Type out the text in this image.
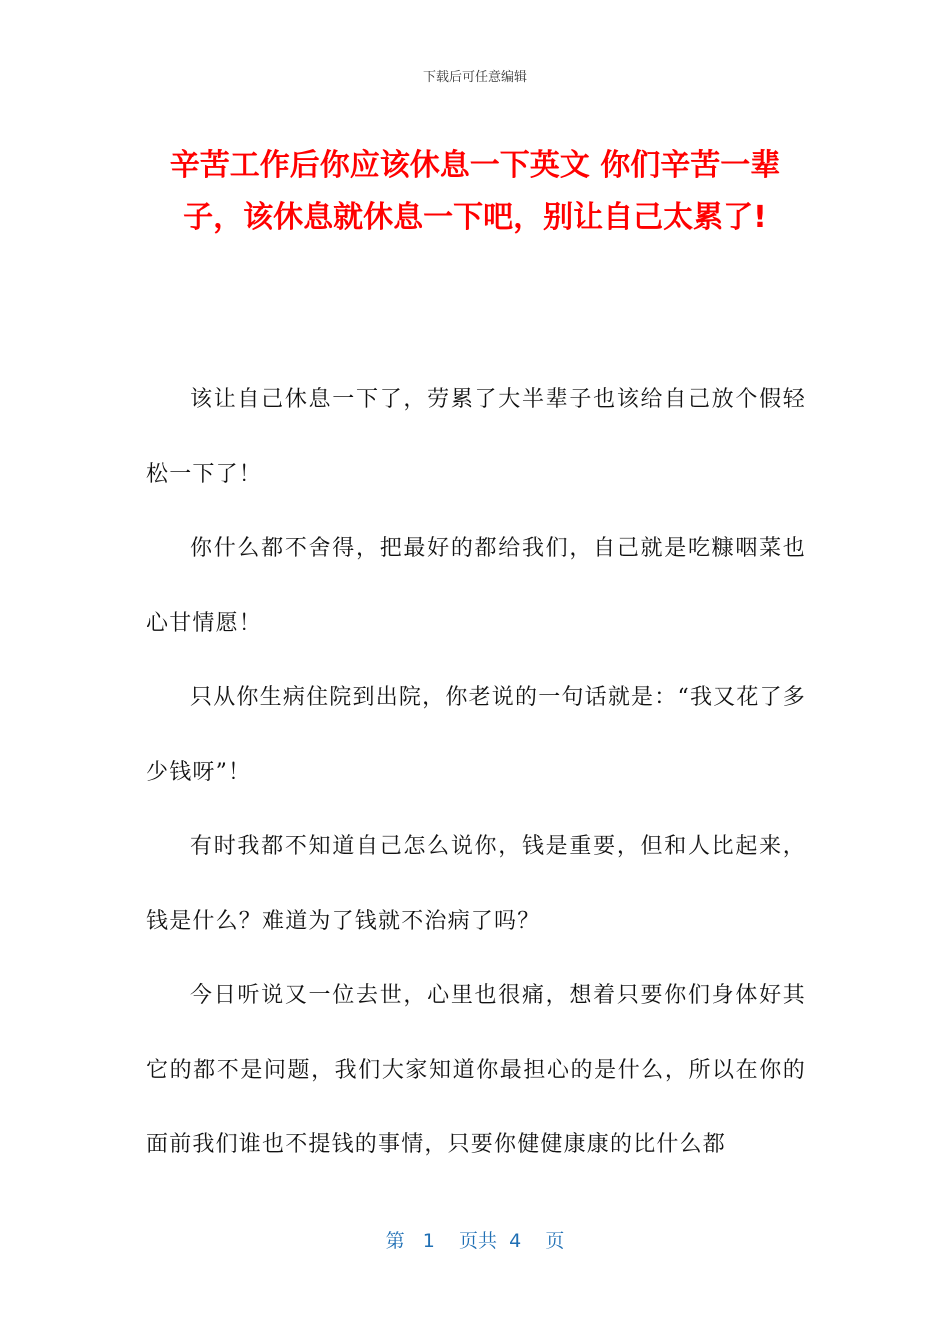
下载后可任意编辑
辛苦工作后你应该休息一下英文 你们辛苦一辈子，该休息就休息一下吧，别让自己太累了!

该让自己休息一下了，劳累了大半辈子也该给自己放个假轻松一下了！

你什么都不舍得，把最好的都给我们，自己就是吃糠咽菜也心甘情愿！

只从你生病住院到出院，你老说的一句话就是：“我又花了多少钱呀”！

有时我都不知道自己怎么说你，钱是重要，但和人比起来，钱是什么？难道为了钱就不治病了吗？

今日听说又一位去世，心里也很痛，想着只要你们身体好其它的都不是问题，我们大家知道你最担心的是什么，所以在你的面前我们谁也不提钱的事情，只要你健健康康的比什么都

第 1 页共 4 页
